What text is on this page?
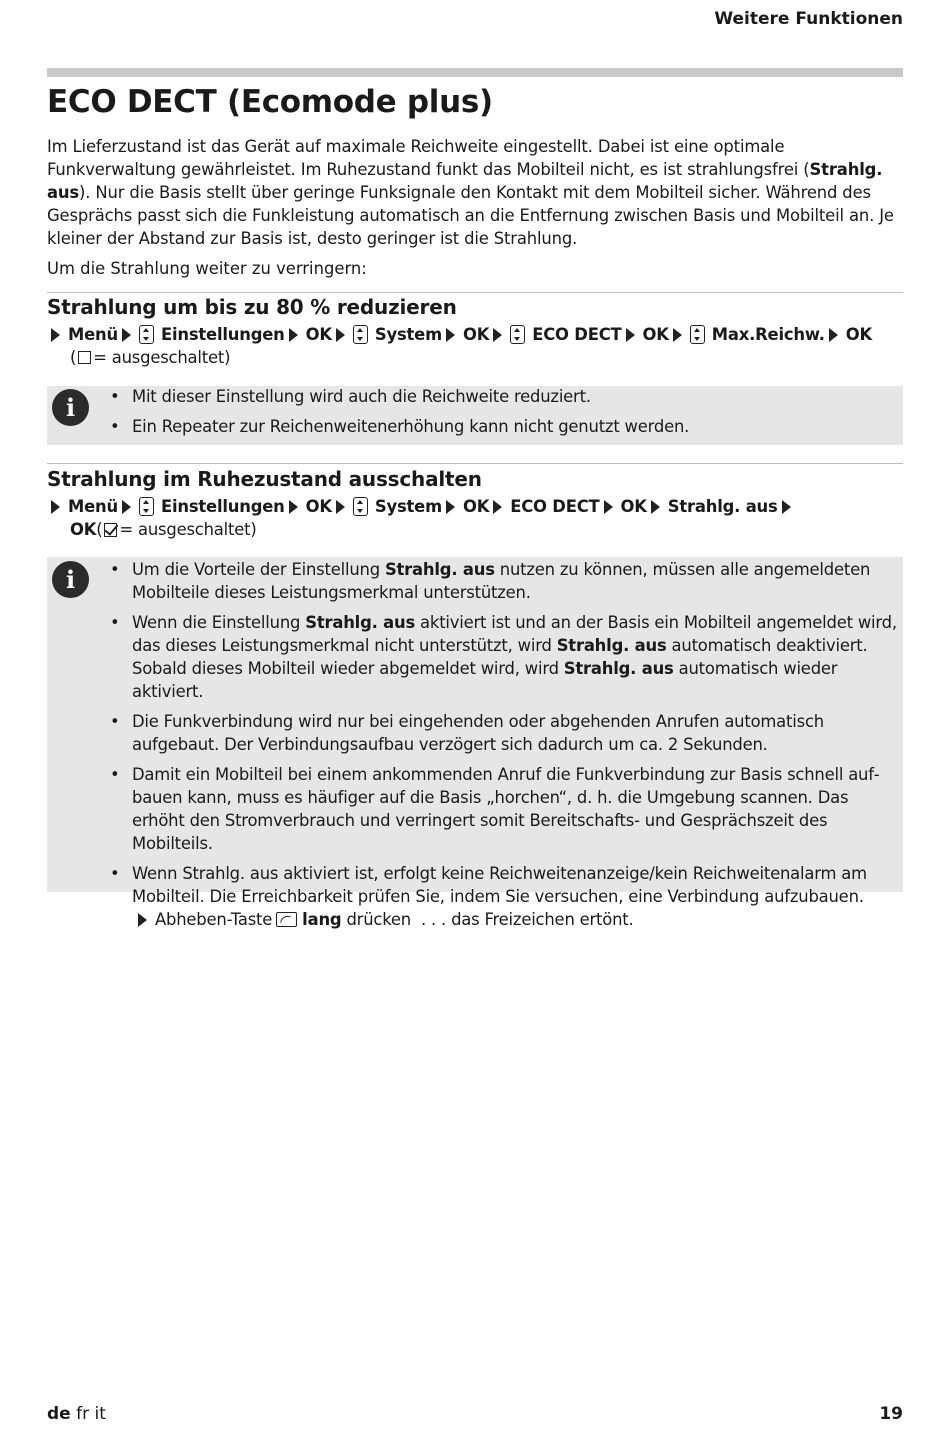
Weitere Funktionen
ECO DECT (Ecomode plus)

Im Lieferzustand ist das Gerät auf maximale Reichweite eingestellt. Dabei ist eine optimale Funkverwaltung gewährleistet. Im Ruhezustand funkt das Mobilteil nicht, es ist strahlungsfrei (Strahlg. aus). Nur die Basis stellt über geringe Funksignale den Kontakt mit dem Mobilteil sicher. Während des Gesprächs passt sich die Funkleistung automatisch an die Entfernung zwischen Basis und Mobilteil an. Je kleiner der Abstand zur Basis ist, desto geringer ist die Strahlung.

Um die Strahlung weiter zu verringern:

Strahlung um bis zu 80 % reduzieren
Menü	Einstellungen OK	System OK	ECO DECT OK	Max.Reichw. OK
( = ausgeschaltet)
i	• Mit dieser Einstellung wird auch die Reichweite reduziert.
• Ein Repeater zur Reichenweitenerhöhung kann nicht genutzt werden.
Strahlung im Ruhezustand ausschalten
Menü	Einstellungen OK	System OK ECO DECT OK Strahlg. aus
OK ( = ausgeschaltet)
i	• Um die Vorteile der Einstellung Strahlg. aus nutzen zu können, müssen alle angemeldeten Mobilteile dieses Leistungsmerkmal unterstützen.
• Wenn die Einstellung Strahlg. aus aktiviert ist und an der Basis ein Mobilteil angemeldet wird, das dieses Leistungsmerkmal nicht unterstützt, wird Strahlg. aus automatisch deaktiviert. Sobald dieses Mobilteil wieder abgemeldet wird, wird Strahlg. aus automatisch wieder aktiviert.
• Die Funkverbindung wird nur bei eingehenden oder abgehenden Anrufen automatisch aufgebaut. Der Verbindungsaufbau verzögert sich dadurch um ca. 2 Sekunden.
• Damit ein Mobilteil bei einem ankommenden Anruf die Funkverbindung zur Basis schnell aufbauen kann, muss es häufiger auf die Basis „horchen“, d. h. die Umgebung scannen. Das erhöht den Stromverbrauch und verringert somit Bereitschafts- und Gesprächszeit des Mobilteils.
• Wenn Strahlg. aus aktiviert ist, erfolgt keine Reichweitenanzeige/kein Reichweitenalarm am Mobilteil. Die Erreichbarkeit prüfen Sie, indem Sie versuchen, eine Verbindung aufzubauen.
Abheben-Taste lang drücken  . . . das Freizeichen ertönt.
de fr it	19
